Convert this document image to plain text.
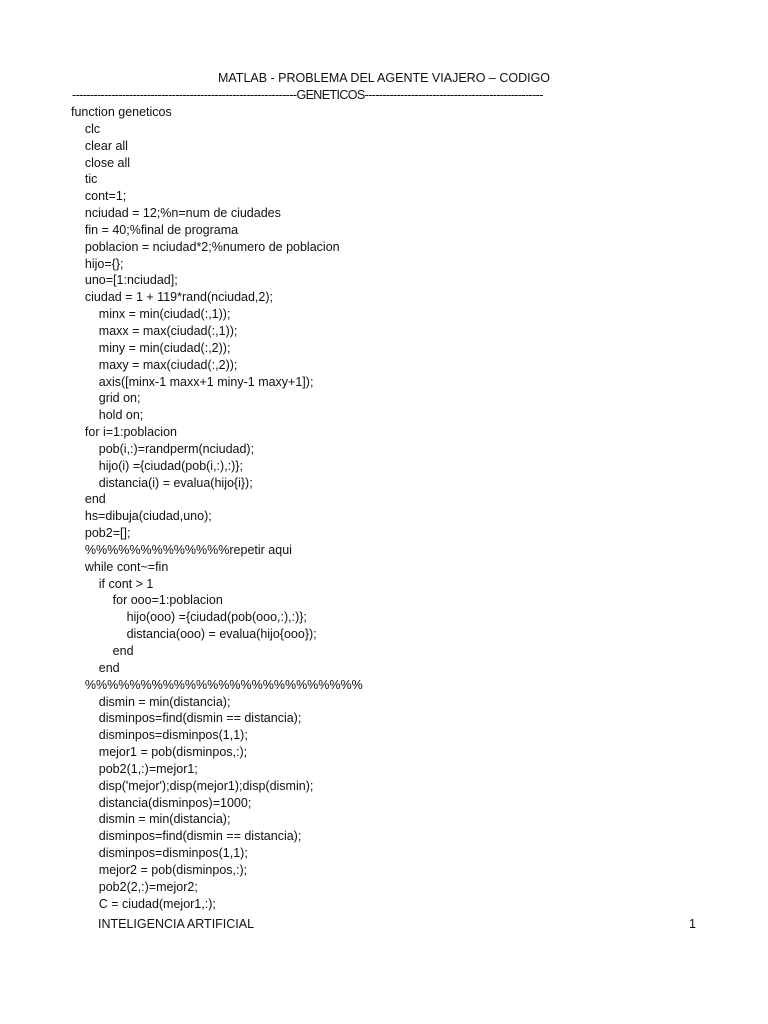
MATLAB - PROBLEMA DEL AGENTE VIAJERO – CODIGO
---------------------------------------------------------------GENETICOS--------------------------------------------------
function geneticos
clc
clear all
close all
tic
cont=1;
nciudad = 12;%n=num de ciudades
fin = 40;%final de programa
poblacion = nciudad*2;%numero de poblacion
hijo={};
uno=[1:nciudad];
ciudad = 1 + 119*rand(nciudad,2);
minx = min(ciudad(:,1));
maxx = max(ciudad(:,1));
miny = min(ciudad(:,2));
maxy = max(ciudad(:,2));
axis([minx-1 maxx+1 miny-1 maxy+1]);
grid on;
hold on;
for i=1:poblacion
pob(i,:)=randperm(nciudad);
hijo(i) ={ciudad(pob(i,:),:)};
distancia(i) = evalua(hijo{i});
end
hs=dibuja(ciudad,uno);
pob2=[];
%%%%%%%%%%%%%repetir aqui
while cont~=fin
if cont > 1
for ooo=1:poblacion
hijo(ooo) ={ciudad(pob(ooo,:),:)};
distancia(ooo) = evalua(hijo{ooo});
end
end
%%%%%%%%%%%%%%%%%%%%%%%%%
dismin = min(distancia);
disminpos=find(dismin == distancia);
disminpos=disminpos(1,1);
mejor1 = pob(disminpos,:);
pob2(1,:)=mejor1;
disp('mejor');disp(mejor1);disp(dismin);
distancia(disminpos)=1000;
dismin = min(distancia);
disminpos=find(dismin == distancia);
disminpos=disminpos(1,1);
mejor2 = pob(disminpos,:);
pob2(2,:)=mejor2;
C = ciudad(mejor1,:);
INTELIGENCIA ARTIFICIAL	1
